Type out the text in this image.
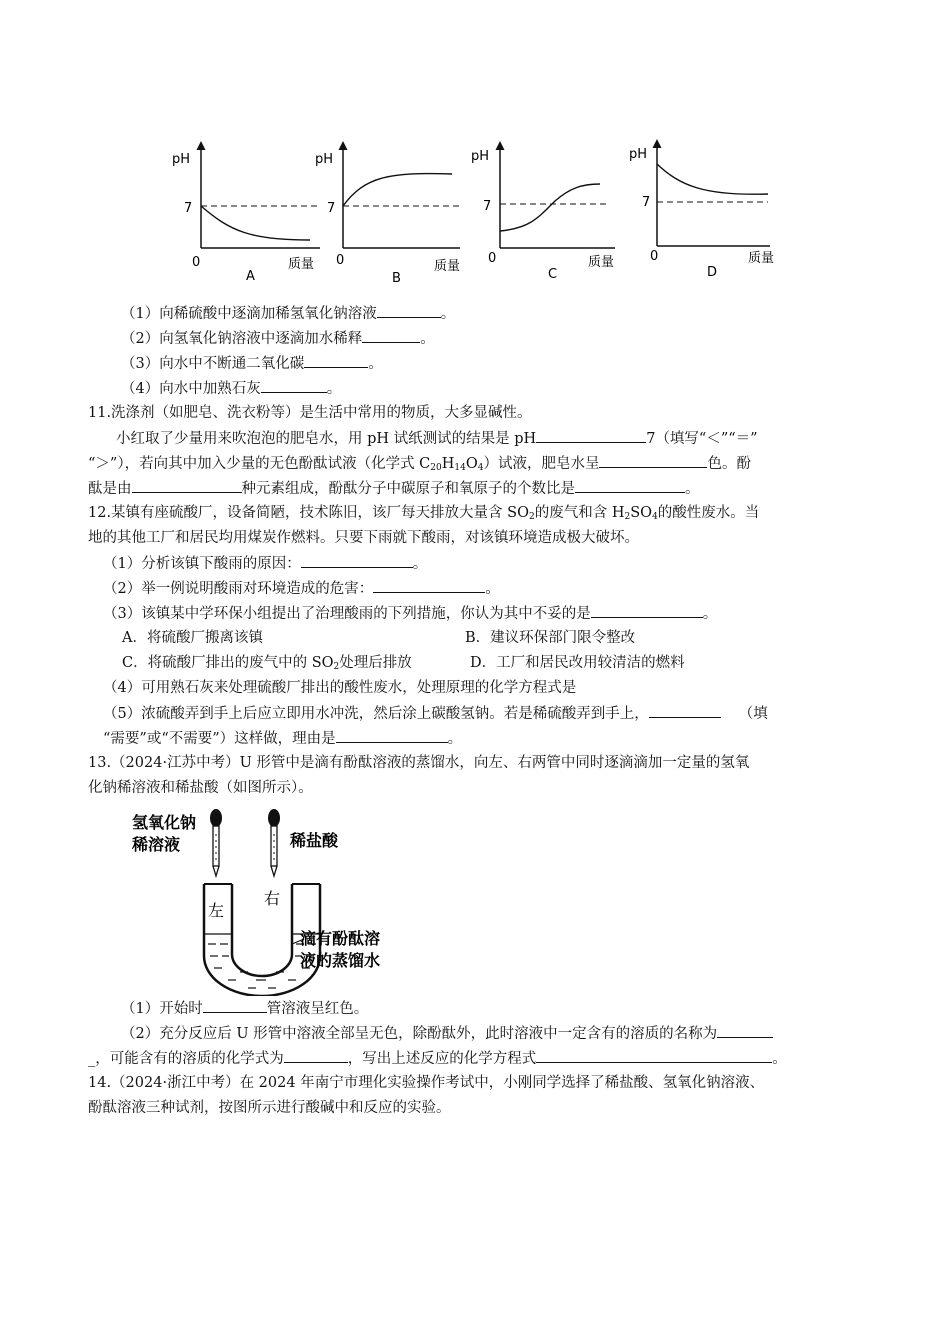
pH
7
0	质量
A
pH
7
0	质量
B
pH
7
0	质量
C
pH
7
0	质量
D
（1）向稀硫酸中逐滴加稀氢氧化钠溶液	。
（2）向氢氧化钠溶液中逐滴加水稀释	。
（3）向水中不断通二氧化碳	。
（4）向水中加熟石灰	。
11.洗涤剂（如肥皂、洗衣粉等）是生活中常用的物质，大多显碱性。
小红取了少量用来吹泡泡的肥皂水，用 pH 试纸测试的结果是 pH	7（填写“＜”“＝”
“＞”），若向其中加入少量的无色酚酞试液（化学式 $C_{20}H_{14}O_4$）试液，肥皂水呈	色。酚
酞是由	种元素组成，酚酞分子中碳原子和氧原子的个数比是	。
12.某镇有座硫酸厂，设备简陋，技术陈旧，该厂每天排放大量含 $SO_2$的废气和含 $H_2SO_4$的酸性废水。当
地的其他工厂和居民均用煤炭作燃料。只要下雨就下酸雨，对该镇环境造成极大破坏。
（1）分析该镇下酸雨的原因：	。
（2）举一例说明酸雨对环境造成的危害：	。
（3）该镇某中学环保小组提出了治理酸雨的下列措施，你认为其中不妥的是	。
A．将硫酸厂搬离该镇	B．建议环保部门限令整改
C．将硫酸厂排出的废气中的 $SO_2$处理后排放	D．工厂和居民改用较清洁的燃料
（4）可用熟石灰来处理硫酸厂排出的酸性废水，处理原理的化学方程式是
（5）浓硫酸弄到手上后应立即用水冲洗，然后涂上碳酸氢钠。若是稀硫酸弄到手上，	（填
“需要”或“不需要”）这样做，理由是	。
13.（2024·江苏中考）U 形管中是滴有酚酞溶液的蒸馏水，向左、右两管中同时逐滴滴加一定量的氢氧
化钠稀溶液和稀盐酸（如图所示）。
氢氧化钠
稀溶液	稀盐酸
左
右
滴有酚酞溶
液的蒸馏水
（1）开始时	管溶液呈红色。
（2）充分反应后 U 形管中溶液全部呈无色，除酚酞外，此时溶液中一定含有的溶质的名称为
_，可能含有的溶质的化学式为	，写出上述反应的化学方程式	。
14.（2024·浙江中考）在 2024 年南宁市理化实验操作考试中，小刚同学选择了稀盐酸、氢氧化钠溶液、
酚酞溶液三种试剂，按图所示进行酸碱中和反应的实验。
